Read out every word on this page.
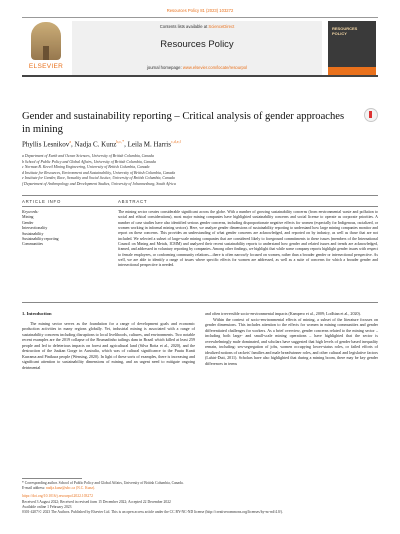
Resources Policy 81 (2023) 103272
ELSEVIER
Contents lists available at ScienceDirect
Resources Policy
journal homepage: www.elsevier.com/locate/resourpol
RESOURCES POLICY
Gender and sustainability reporting – Critical analysis of gender approaches in mining
Phyllis Lesnikov$^a$, Nadja C. Kunz$^{b,c,*}$, Leila M. Harris$^{c,d,e,f}$
a Department of Earth and Ocean Sciences, University of British Columbia, Canada
b School of Public Policy and Global Affairs, University of British Columbia, Canada
c Norman B. Keevil Mining Engineering, University of British Columbia, Canada
d Institute for Resources, Environment and Sustainability, University of British Columbia, Canada
e Institute for Gender, Race, Sexuality and Social Justice, University of British Columbia, Canada
f Department of Anthropology and Development Studies, University of Johannesburg, South Africa
ARTICLE INFO	ABSTRACT
Keywords:
Mining
Gender
Intersectionality
Sustainability
Sustainability reporting
Communities
The mining sector creates considerable significant across the globe. With a number of growing sustainability concerns (from environmental waste and pollution to social and ethical considerations), most major mining companies have highlighted sustainability concerns and social license to operate as corporate priorities. A number of case studies have also identified serious gender concerns, including disproportionate negative effects for women (especially for Indigenous, racialized, or women working in informal mining sectors). Here, we analyze gender dimensions of sustainability reporting to understand how large mining companies monitor and report on these concerns. This provides an understanding of what gender concerns are acknowledged, and reported on by industry, as well as those that are not included. We selected a subset of large-scale mining companies that are considered likely to foreground commitments to these issues (members of the International Council on Mining and Metals, ICMM) and analyzed their recent sustainability reports to understand how gender and related issues and trends are acknowledged, framed, and addressed in voluntary reporting by companies. Among other findings, we highlight that while some company reports highlight gender issues with respect to female employees, or conforming community relations—there is often narrowly focused on women, rather than a broader gender or intersectional perspective. As well, we are able to identify a range of issues where specific effects for women are addressed, as well as a suite of concerns for which a broader gender and intersectional perspective is needed.
1. Introduction

The mining sector serves as the foundation for a range of development goals and economic production activities in many regions globally. Yet, industrial mining is associated with a range of sustainability concerns including disruptions to local livelihoods, cultures, and environments. Two notable recent examples are the 2019 collapse of the Brumadinho tailings dam in Brazil which killed at least 259 people and led to deleterious impacts on forest and agricultural land (Silva Rotta et al., 2020), and the destruction of the Juukan Gorge in Australia, which was of cultural significance to the Puutu Kunti Kurrama and Pinikura people (Wensing, 2020). In light of these sorts of examples, there is increasing and significant attention to sustainability dimensions of mining, and an urgent need to mitigate ongoing detrimental

and often irreversible socio-environmental impacts (Kampero et al., 2009; Lodhian et al., 2020).

Within the context of socio-environmental effects of mining, a subset of the literature focuses on gender dimensions. This includes attention to the effects for women in mining communities and gender differentiated challenges for workers. As a brief overview, gender concerns related to the mining sector – including both large- and small-scale mining operations – have highlighted that the sector is overwhelmingly male dominated, and scholars have suggested that high levels of gender based inequality remain, including: sex-segregation of jobs, women occupying lower-status roles, or failed efforts of idealized notions of rackets' families and male breadwinner roles, and other cultural and legislative factors (Lahiri-Dutt, 2011). Scholars have also highlighted that during a mining boom, there may be key gender differences in terms

* Corresponding author. School of Public Policy and Global Affairs, University of British Columbia, Canada.
E-mail address: nadja.kunz@ubc.ca (N.C. Kunz).
https://doi.org/10.1016/j.resourpol.2022.103272
Received 3 August 2022; Received in revised form 15 December 2022; Accepted 22 December 2022
Available online 1 February 2023
0301-4207/© 2023 The Authors. Published by Elsevier Ltd. This is an open access article under the CC BY-NC-ND license (http://creativecommons.org/licenses/by-nc-nd/4.0/).
